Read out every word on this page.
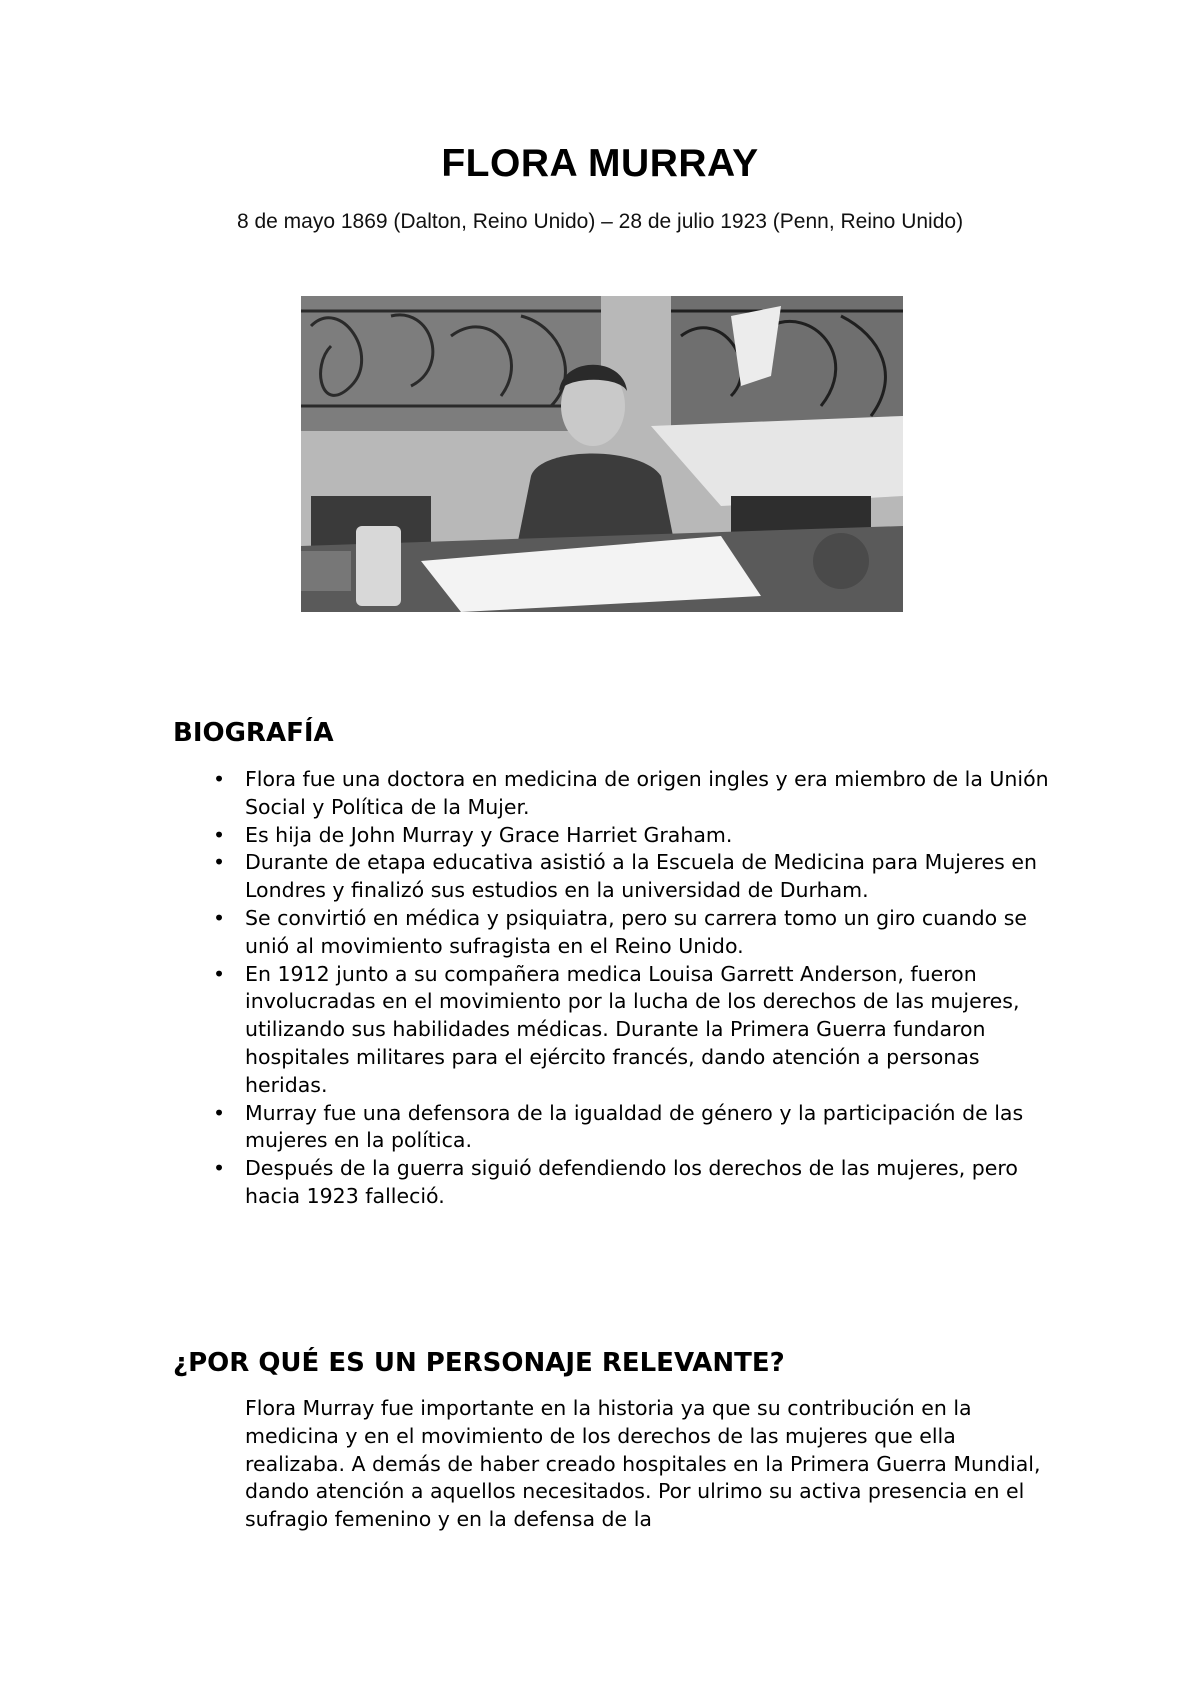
FLORA MURRAY

8 de mayo 1869 (Dalton, Reino Unido) – 28 de julio 1923 (Penn, Reino Unido)

BIOGRAFÍA
• Flora fue una doctora en medicina de origen ingles y era miembro de la Unión Social y Política de la Mujer.
• Es hija de John Murray y Grace Harriet Graham.
• Durante de etapa educativa asistió a la Escuela de Medicina para Mujeres en Londres y finalizó sus estudios en la universidad de Durham.
• Se convirtió en médica y psiquiatra, pero su carrera tomo un giro cuando se unió al movimiento sufragista en el Reino Unido.
• En 1912 junto a su compañera medica Louisa Garrett Anderson, fueron involucradas en el movimiento por la lucha de los derechos de las mujeres, utilizando sus habilidades médicas. Durante la Primera Guerra fundaron hospitales militares para el ejército francés, dando atención a personas heridas.
• Murray fue una defensora de la igualdad de género y la participación de las mujeres en la política.
• Después de la guerra siguió defendiendo los derechos de las mujeres, pero hacia 1923 falleció.
¿POR QUÉ ES UN PERSONAJE RELEVANTE?

Flora Murray fue importante en la historia ya que su contribución en la medicina y en el movimiento de los derechos de las mujeres que ella realizaba. A demás de haber creado hospitales en la Primera Guerra Mundial, dando atención a aquellos necesitados. Por ulrimo su activa presencia en el sufragio femenino y en la defensa de la
